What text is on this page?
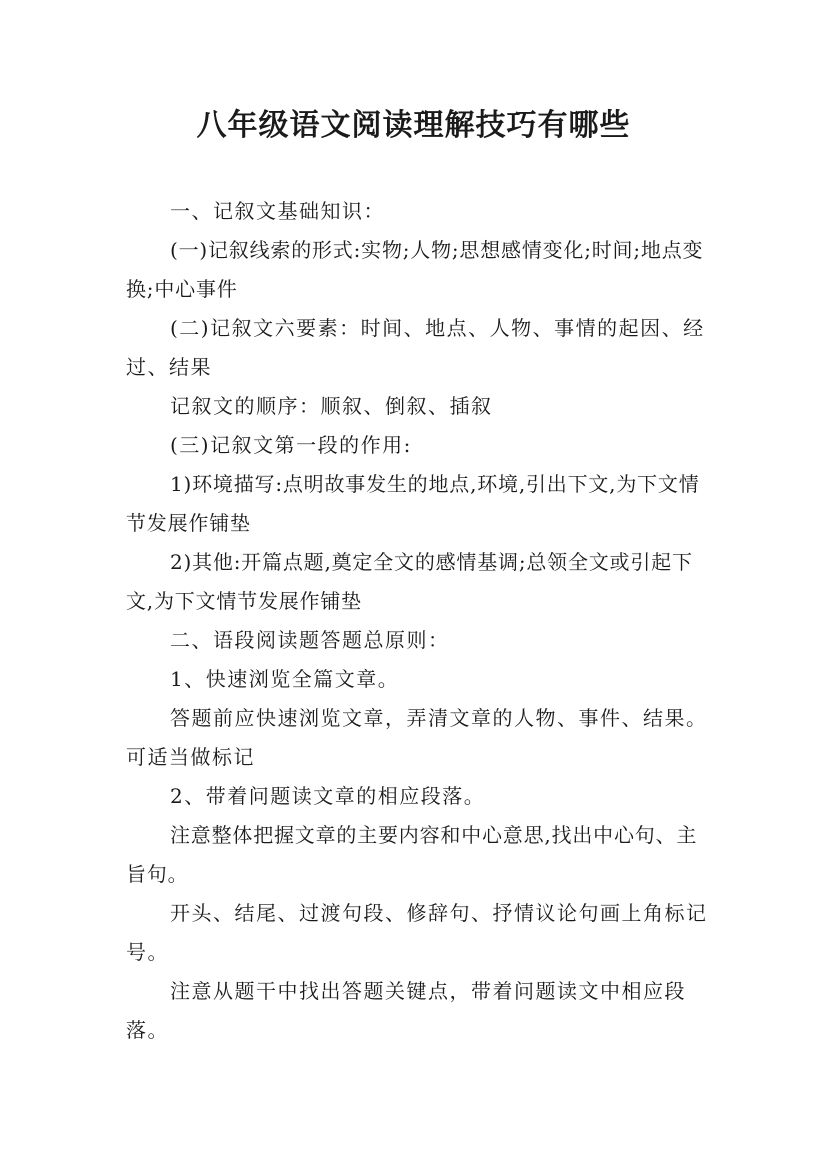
八年级语文阅读理解技巧有哪些

一、记叙文基础知识：

(一)记叙线索的形式:实物;人物;思想感情变化;时间;地点变换;中心事件

(二)记叙文六要素：时间、地点、人物、事情的起因、经过、结果

记叙文的顺序：顺叙、倒叙、插叙

(三)记叙文第一段的作用:

1)环境描写:点明故事发生的地点,环境,引出下文,为下文情节发展作铺垫

2)其他:开篇点题,奠定全文的感情基调;总领全文或引起下文,为下文情节发展作铺垫

二、语段阅读题答题总原则：

1、快速浏览全篇文章。

答题前应快速浏览文章，弄清文章的人物、事件、结果。可适当做标记

2、带着问题读文章的相应段落。

注意整体把握文章的主要内容和中心意思,找出中心句、主旨句。

开头、结尾、过渡句段、修辞句、抒情议论句画上角标记号。

注意从题干中找出答题关键点，带着问题读文中相应段落。
